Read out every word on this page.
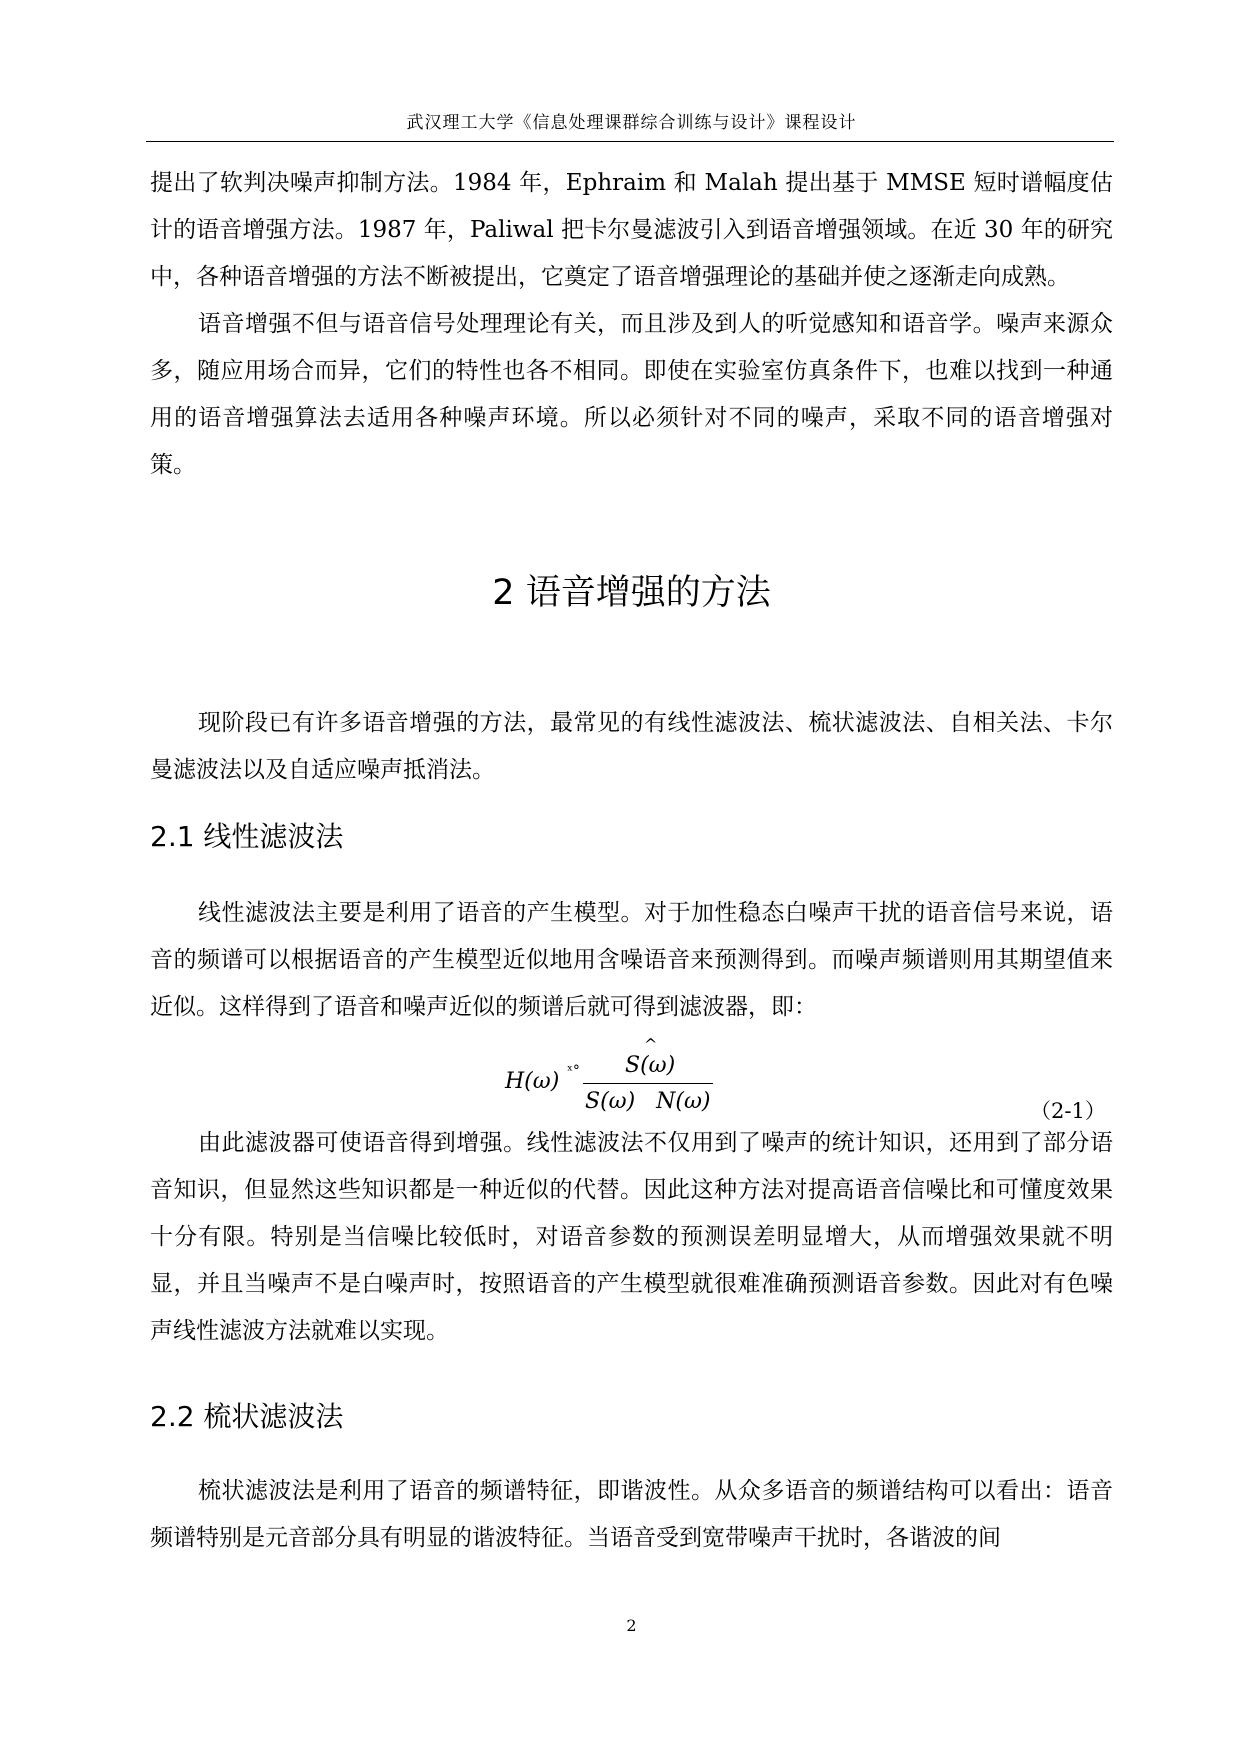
武汉理工大学《信息处理课群综合训练与设计》课程设计

提出了软判决噪声抑制方法。1984 年，Ephraim 和 Malah 提出基于 MMSE 短时谱幅度估计的语音增强方法。1987 年，Paliwal 把卡尔曼滤波引入到语音增强领域。在近 30 年的研究中，各种语音增强的方法不断被提出，它奠定了语音增强理论的基础并使之逐渐走向成熟。

语音增强不但与语音信号处理理论有关，而且涉及到人的听觉感知和语音学。噪声来源众多，随应用场合而异，它们的特性也各不相同。即使在实验室仿真条件下，也难以找到一种通用的语音增强算法去适用各种噪声环境。所以必须针对不同的噪声，采取不同的语音增强对策。

2 语音增强的方法

现阶段已有许多语音增强的方法，最常见的有线性滤波法、梳状滤波法、自相关法、卡尔曼滤波法以及自适应噪声抵消法。

2.1 线性滤波法

线性滤波法主要是利用了语音的产生模型。对于加性稳态白噪声干扰的语音信号来说，语音的频谱可以根据语音的产生模型近似地用含噪语音来预测得到。而噪声频谱则用其期望值来近似。这样得到了语音和噪声近似的频谱后就可得到滤波器，即：

H(ω) ˣ°
^
S(ω)
S(ω)   N(ω)	（2-1）

由此滤波器可使语音得到增强。线性滤波法不仅用到了噪声的统计知识，还用到了部分语音知识，但显然这些知识都是一种近似的代替。因此这种方法对提高语音信噪比和可懂度效果十分有限。特别是当信噪比较低时，对语音参数的预测误差明显增大，从而增强效果就不明显，并且当噪声不是白噪声时，按照语音的产生模型就很难准确预测语音参数。因此对有色噪声线性滤波方法就难以实现。

2.2 梳状滤波法

梳状滤波法是利用了语音的频谱特征，即谐波性。从众多语音的频谱结构可以看出：语音频谱特别是元音部分具有明显的谐波特征。当语音受到宽带噪声干扰时，各谐波的间

2
